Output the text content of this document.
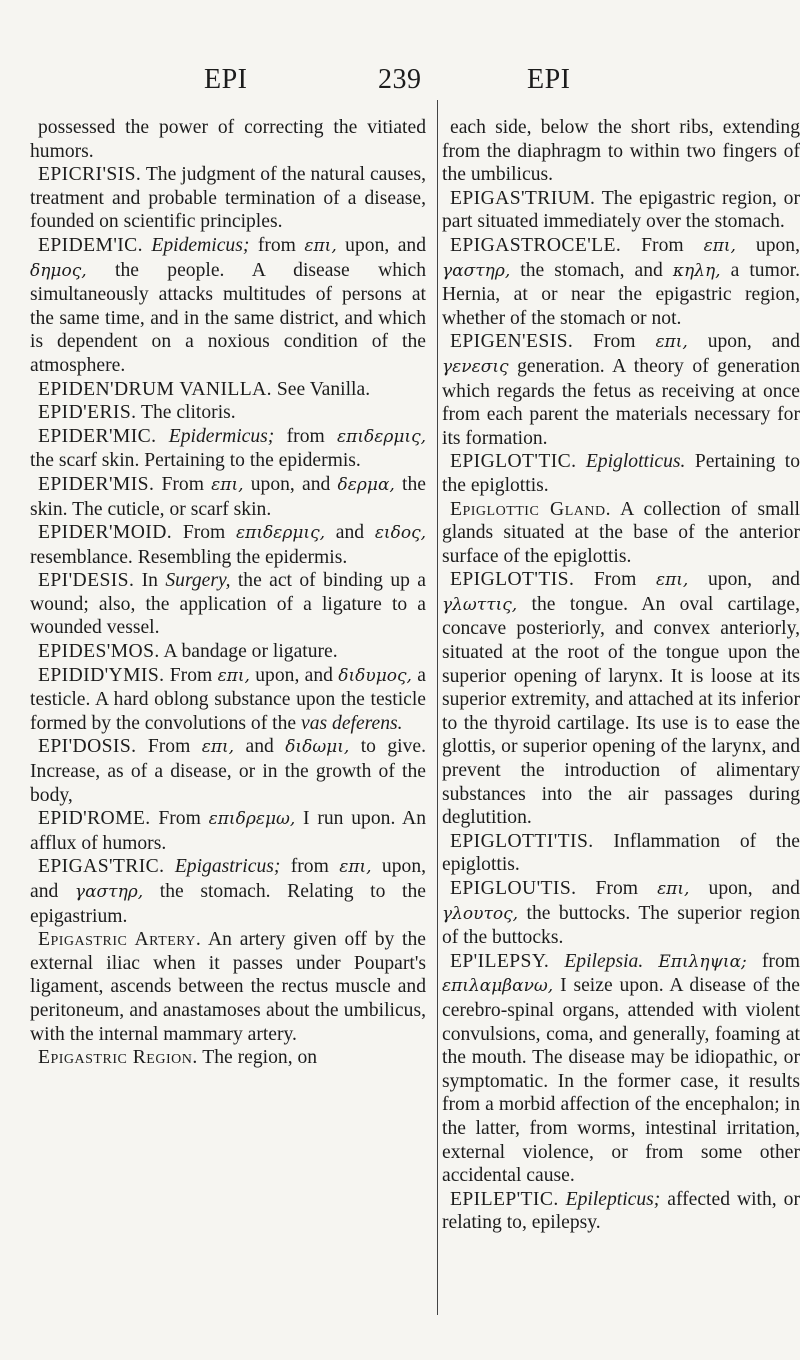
EPI	239	EPI

possessed the power of correcting the vitiated humors.

EPICRI'SIS. The judgment of the natural causes, treatment and probable termination of a disease, founded on scientific principles.

EPIDEM'IC. Epidemicus; from επι, upon, and δημος, the people. A disease which simultaneously attacks multitudes of persons at the same time, and in the same district, and which is dependent on a noxious condition of the atmosphere.

EPIDEN'DRUM VANILLA. See Vanilla.

EPID'ERIS. The clitoris.

EPIDER'MIC. Epidermicus; from επιδερμις, the scarf skin. Pertaining to the epidermis.

EPIDER'MIS. From επι, upon, and δερμα, the skin. The cuticle, or scarf skin.

EPIDER'MOID. From επιδερμις, and ειδος, resemblance. Resembling the epidermis.

EPI'DESIS. In Surgery, the act of binding up a wound; also, the application of a ligature to a wounded vessel.

EPIDES'MOS. A bandage or ligature.

EPIDID'YMIS. From επι, upon, and διδυμος, a testicle. A hard oblong substance upon the testicle formed by the convolutions of the vas deferens.

EPI'DOSIS. From επι, and διδωμι, to give. Increase, as of a disease, or in the growth of the body,

EPID'ROME. From επιδρεμω, I run upon. An afflux of humors.

EPIGAS'TRIC. Epigastricus; from επι, upon, and γαστηρ, the stomach. Relating to the epigastrium.

Epigastric Artery. An artery given off by the external iliac when it passes under Poupart's ligament, ascends between the rectus muscle and peritoneum, and anastamoses about the umbilicus, with the internal mammary artery.

Epigastric Region. The region, on

each side, below the short ribs, extending from the diaphragm to within two fingers of the umbilicus.

EPIGAS'TRIUM. The epigastric region, or part situated immediately over the stomach.

EPIGASTROCE'LE. From επι, upon, γαστηρ, the stomach, and κηλη, a tumor. Hernia, at or near the epigastric region, whether of the stomach or not.

EPIGEN'ESIS. From επι, upon, and γενεσις generation. A theory of generation which regards the fetus as receiving at once from each parent the materials necessary for its formation.

EPIGLOT'TIC. Epiglotticus. Pertaining to the epiglottis.

Epiglottic Gland. A collection of small glands situated at the base of the anterior surface of the epiglottis.

EPIGLOT'TIS. From επι, upon, and γλωττις, the tongue. An oval cartilage, concave posteriorly, and convex anteriorly, situated at the root of the tongue upon the superior opening of larynx. It is loose at its superior extremity, and attached at its inferior to the thyroid cartilage. Its use is to ease the glottis, or superior opening of the larynx, and prevent the introduction of alimentary substances into the air passages during deglutition.

EPIGLOTTI'TIS. Inflammation of the epiglottis.

EPIGLOU'TIS. From επι, upon, and γλουτος, the buttocks. The superior region of the buttocks.

EP'ILEPSY. Epilepsia. Επιληψια; from επιλαμβανω, I seize upon. A disease of the cerebro-spinal organs, attended with violent convulsions, coma, and generally, foaming at the mouth. The disease may be idiopathic, or symptomatic. In the former case, it results from a morbid affection of the encephalon; in the latter, from worms, intestinal irritation, external violence, or from some other accidental cause.

EPILEP'TIC. Epilepticus; affected with, or relating to, epilepsy.
